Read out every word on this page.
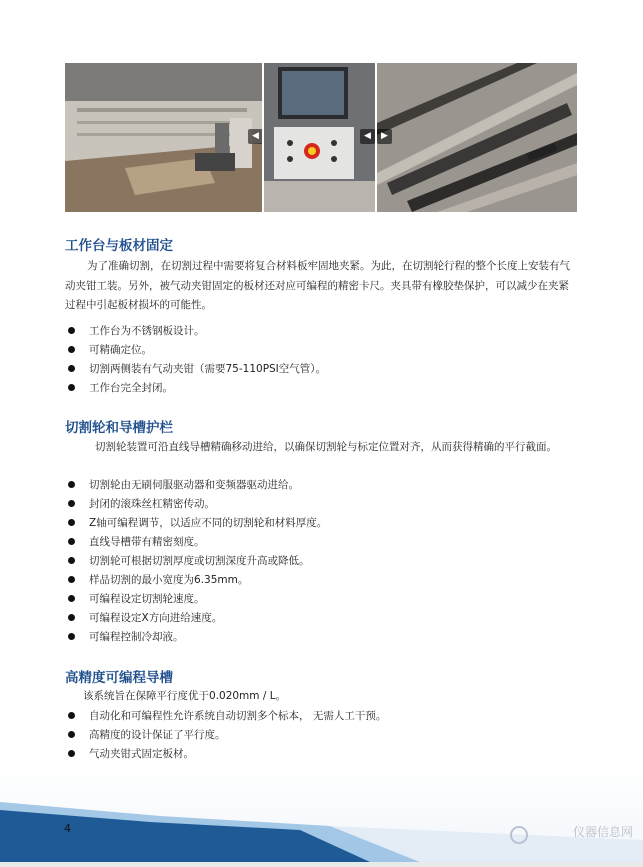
◀	◀	▶
工作台与板材固定

为了准确切割，在切割过程中需要将复合材料板牢固地夹紧。为此，在切割轮行程的整个长度上安装有气动夹钳工装。另外，被气动夹钳固定的板材还对应可编程的精密卡尺。夹具带有橡胶垫保护，可以减少在夹紧过程中引起板材损坏的可能性。

工作台为不锈钢板设计。
可精确定位。
切割两侧装有气动夹钳（需要75-110PSI空气管）。
工作台完全封闭。
切割轮和导槽护栏

切割轮装置可沿直线导槽精确移动进给，以确保切割轮与标定位置对齐，从而获得精确的平行截面。

切割轮由无刷伺服驱动器和变频器驱动进给。
封闭的滚珠丝杠精密传动。
Z轴可编程调节，以适应不同的切割轮和材料厚度。
直线导槽带有精密刻度。
切割轮可根据切割厚度或切割深度升高或降低。
样品切割的最小宽度为6.35mm。
可编程设定切割轮速度。
可编程设定X方向进给速度。
可编程控制冷却液。
高精度可编程导槽

该系统旨在保障平行度优于0.020mm / L。

自动化和可编程性允许系统自动切割多个标本， 无需人工干预。
高精度的设计保证了平行度。
气动夹钳式固定板材。
4	仪器信息网
